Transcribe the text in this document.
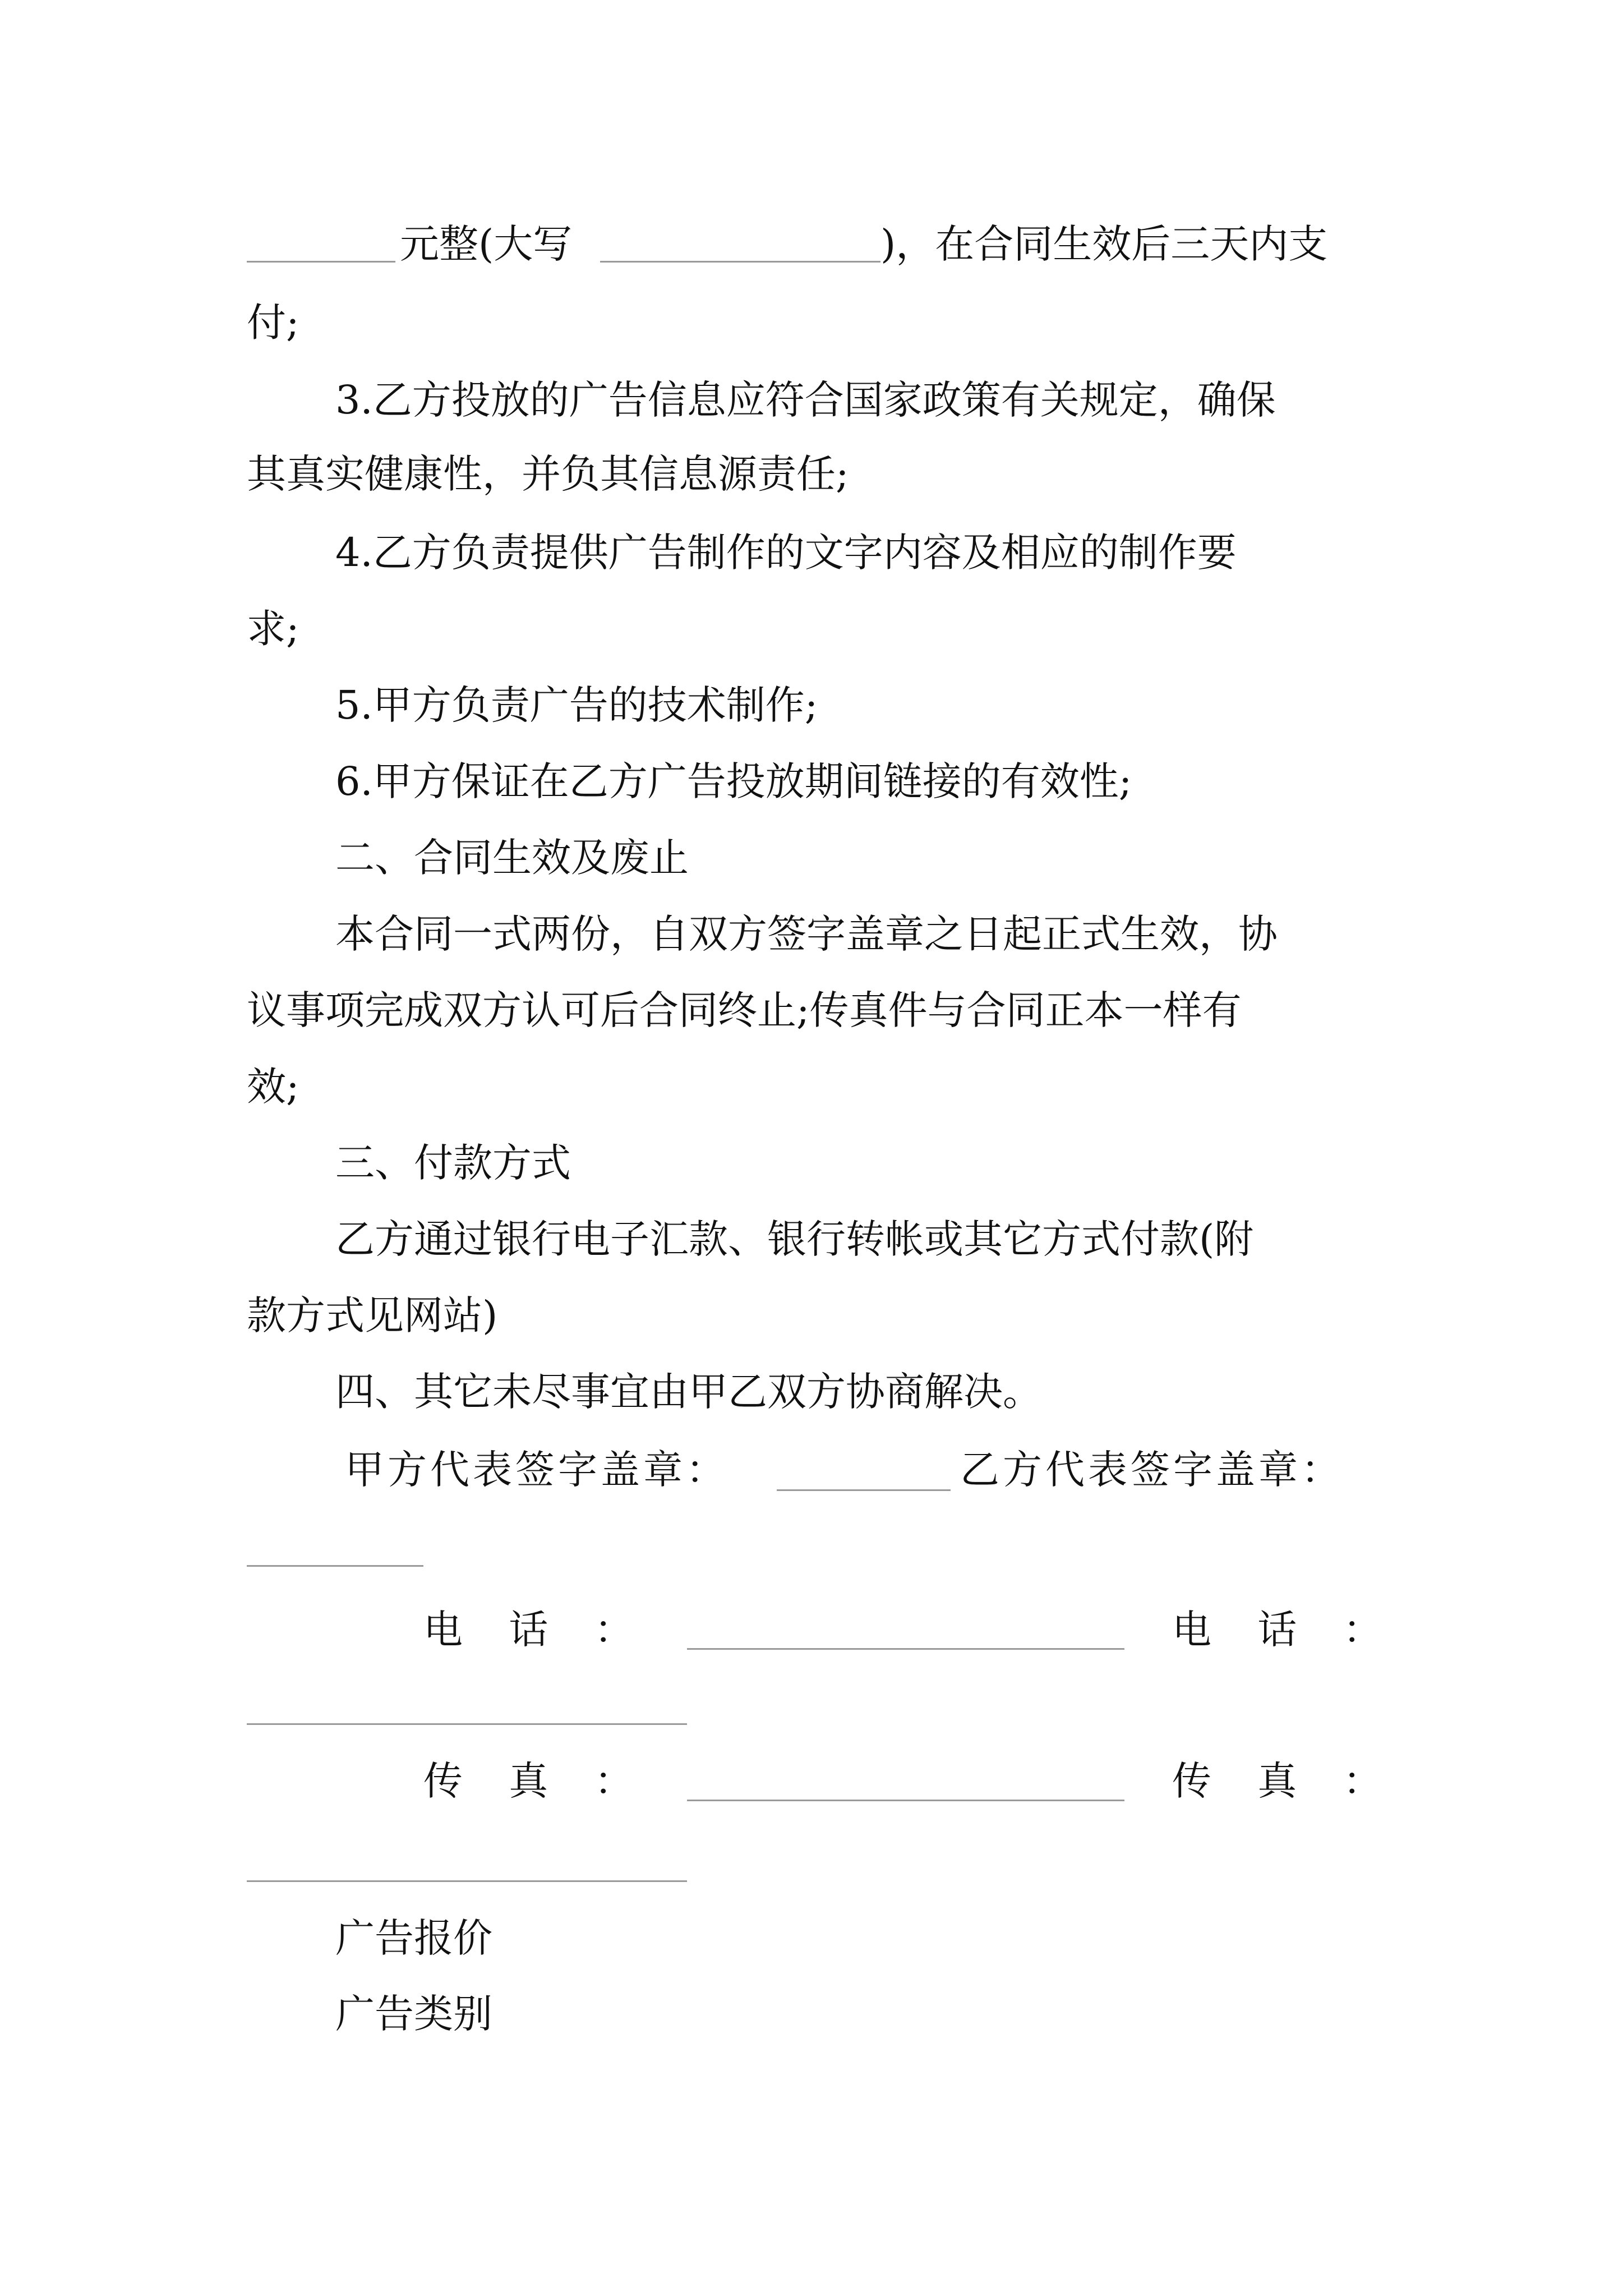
元整(大写	)，在合同生效后三天内支
付;
3.乙方投放的广告信息应符合国家政策有关规定，确保
其真实健康性，并负其信息源责任;
4.乙方负责提供广告制作的文字内容及相应的制作要
求;
5.甲方负责广告的技术制作;
6.甲方保证在乙方广告投放期间链接的有效性;
二、合同生效及废止
本合同一式两份，自双方签字盖章之日起正式生效，协
议事项完成双方认可后合同终止;传真件与合同正本一样有
效;
三、付款方式
乙方通过银行电子汇款、银行转帐或其它方式付款(附
款方式见网站)
四、其它未尽事宜由甲乙双方协商解决。
甲方代表签字盖章：	乙方代表签字盖章：
电 话 ：	电 话 ：
传 真 ：	传 真 ：
广告报价
广告类别
